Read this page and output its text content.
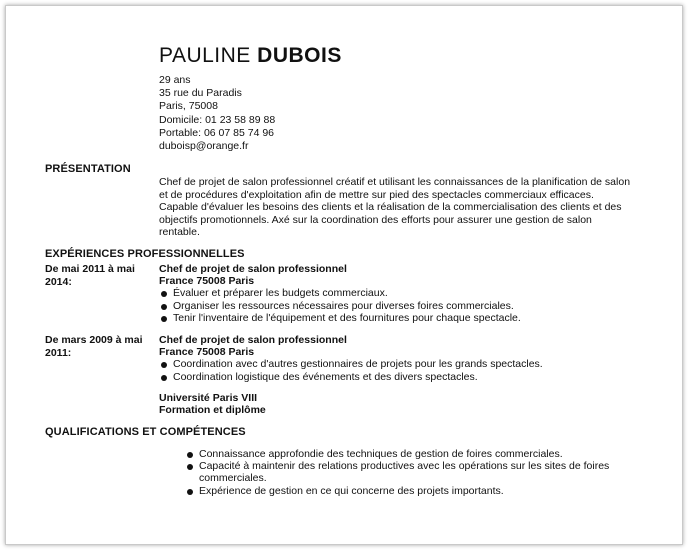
PAULINE DUBOIS
29 ans
35 rue du Paradis
Paris, 75008
Domicile: 01 23 58 89 88
Portable: 06 07 85 74 96
duboisp@orange.fr
PRÉSENTATION
Chef de projet de salon professionnel créatif et utilisant les connaissances de la planification de salon et de procédures d'exploitation afin de mettre sur pied des spectacles commerciaux efficaces. Capable d'évaluer les besoins des clients et la réalisation de la commercialisation des clients et des objectifs promotionnels. Axé sur la coordination des efforts pour assurer une gestion de salon rentable.
EXPÉRIENCES PROFESSIONNELLES
De mai 2011 à mai 2014:
Chef de projet de salon professionnel
France 75008 Paris
Évaluer et préparer les budgets commerciaux.
Organiser les ressources nécessaires pour diverses foires commerciales.
Tenir l'inventaire de l'équipement et des fournitures pour chaque spectacle.
De mars 2009 à mai 2011:
Chef de projet de salon professionnel
France 75008 Paris
Coordination avec d'autres gestionnaires de projets pour les grands spectacles.
Coordination logistique des événements et des divers spectacles.
Université Paris VIII
Formation et diplôme
QUALIFICATIONS ET COMPÉTENCES
Connaissance approfondie des techniques de gestion de foires commerciales.
Capacité à maintenir des relations productives avec les opérations sur les sites de foires commerciales.
Expérience de gestion en ce qui concerne des projets importants.
